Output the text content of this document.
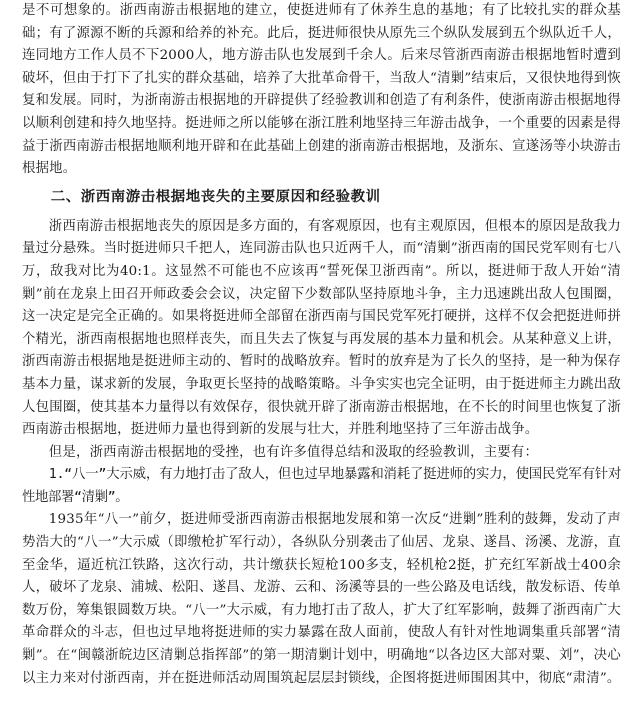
是不可想象的。浙西南游击根据地的建立，使挺进师有了休养生息的基地；有了比较扎实的群众基础；有了源源不断的兵源和给养的补充。此后，挺进师很快从原先三个纵队发展到五个纵队近千人，连同地方工作人员不下2000人，地方游击队也发展到千余人。后来尽管浙西南游击根据地暂时遭到破坏，但由于打下了扎实的群众基础，培养了大批革命骨干，当敌人“清剿”结束后，又很快地得到恢复和发展。同时，为浙南游击根据地的开辟提供了经验教训和创造了有利条件，使浙南游击根据地得以顺利创建和持久地坚持。挺进师之所以能够在浙江胜利地坚持三年游击战争，一个重要的因素是得益于浙西南游击根据地顺利地开辟和在此基础上创建的浙南游击根据地，及浙东、宣遂汤等小块游击根据地。

二、浙西南游击根据地丧失的主要原因和经验教训

浙西南游击根据地丧失的原因是多方面的，有客观原因，也有主观原因，但根本的原因是敌我力量过分悬殊。当时挺进师只千把人，连同游击队也只近两千人，而“清剿”浙西南的国民党军则有七八万，敌我对比为40:1。这显然不可能也不应该再“誓死保卫浙西南”。所以，挺进师于敌人开始“清剿”前在龙泉上田召开师政委会会议，决定留下少数部队坚持原地斗争，主力迅速跳出敌人包围圈，这一决定是完全正确的。如果将挺进师全部留在浙西南与国民党军死打硬拼，这样不仅会把挺进师拼个精光，浙西南根据地也照样丧失，而且失去了恢复与再发展的基本力量和机会。从某种意义上讲，浙西南游击根据地是挺进师主动的、暂时的战略放弃。暂时的放弃是为了长久的坚持，是一种为保存基本力量，谋求新的发展，争取更长坚持的战略策略。斗争实实也完全证明，由于挺进师主力跳出敌人包围圈，使其基本力量得以有效保存，很快就开辟了浙南游击根据地，在不长的时间里也恢复了浙西南游击根据地，挺进师力量也得到新的发展与壮大，并胜利地坚持了三年游击战争。

但是，浙西南游击根据地的受挫，也有许多值得总结和汲取的经验教训，主要有：

1.“八一”大示威，有力地打击了敌人，但也过早地暴露和消耗了挺进师的实力，使国民党军有针对性地部署“清剿”。

1935年“八一”前夕，挺进师受浙西南游击根据地发展和第一次反“进剿”胜利的鼓舞，发动了声势浩大的“八一”大示威（即缴枪扩军行动），各纵队分别袭击了仙居、龙泉、遂昌、汤溪、龙游，直至金华，逼近杭江铁路，这次行动，共计缴获长短枪100多支，轻机枪2挺，扩充红军新战士400余人，破坏了龙泉、浦城、松阳、遂昌、龙游、云和、汤溪等县的一些公路及电话线，散发标语、传单数万份，筹集银圆数万块。“八一”大示威，有力地打击了敌人，扩大了红军影响，鼓舞了浙西南广大革命群众的斗志，但也过早地将挺进师的实力暴露在敌人面前，使敌人有针对性地调集重兵部署“清剿”。在“闽赣浙皖边区清剿总指挥部”的第一期清剿计划中，明确地“以各边区大部对粟、刘”，决心以主力来对付浙西南，并在挺进师活动周围筑起层层封锁线，企图将挺进师围困其中，彻底“肃清”。
